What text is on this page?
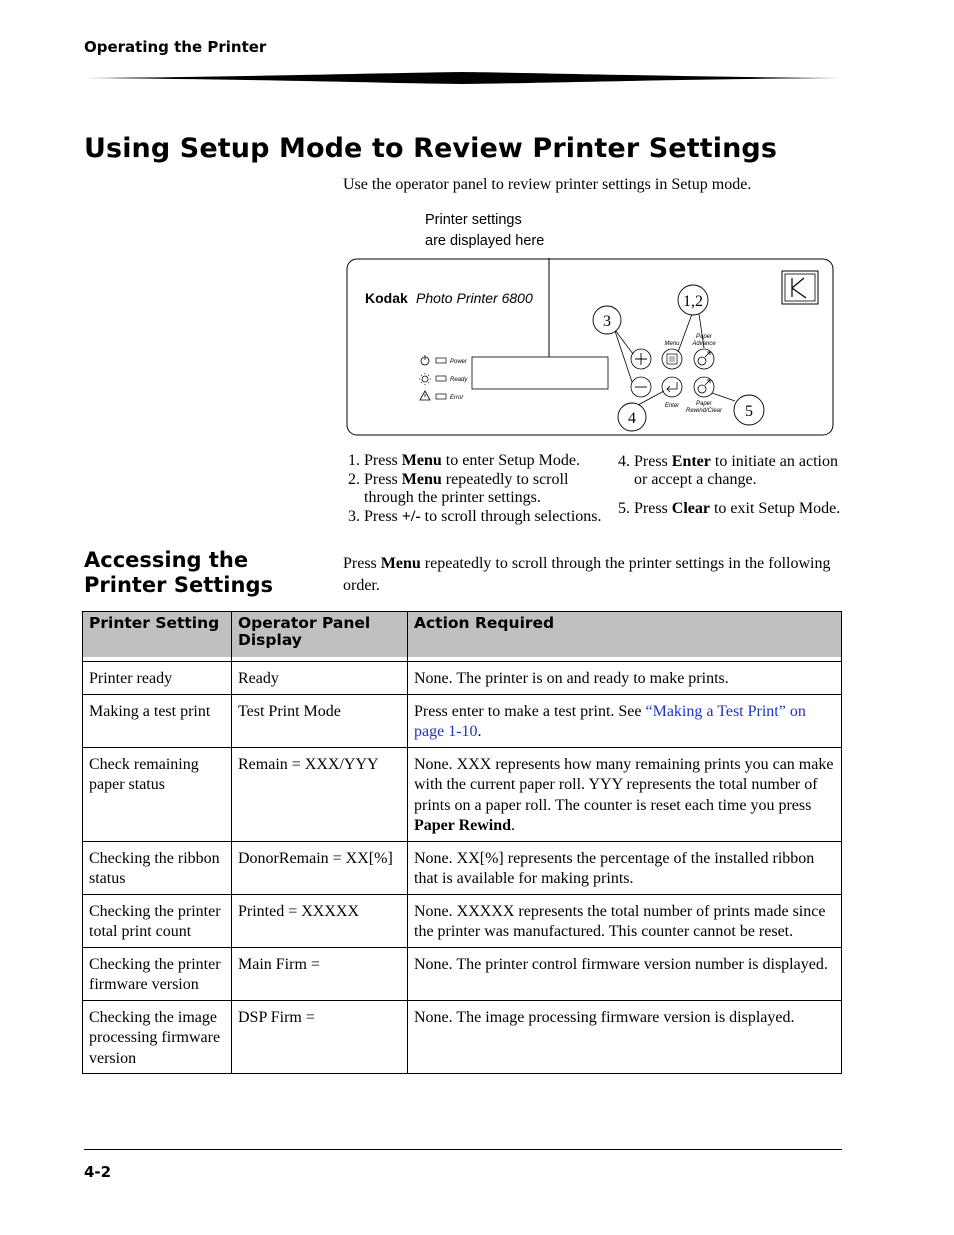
Operating the Printer
Using Setup Mode to Review Printer Settings
Use the operator panel to review printer settings in Setup mode.
Printer settings
are displayed here
Kodak Photo Printer 6800
Power
Ready
Error
Menu
Enter
Paper
Advance
Paper
Rewind/Clear
1,2
3
4	5
1. Press Menu to enter Setup Mode.
2. Press Menu repeatedly to scroll through the printer settings.
3. Press +/- to scroll through selections.
4. Press Enter to initiate an action or accept a change.
5. Press Clear to exit Setup Mode.
Accessing the Printer Settings
Press Menu repeatedly to scroll through the printer settings in the following order.
Printer Setting	Operator Panel Display	Action Required

Printer ready	Ready	None. The printer is on and ready to make prints.
Making a test print	Test Print Mode	Press enter to make a test print. See “Making a Test Print” on page 1-10.
Check remaining paper status	Remain = XXX/YYY	None. XXX represents how many remaining prints you can make with the current paper roll. YYY represents the total number of prints on a paper roll. The counter is reset each time you press Paper Rewind.
Checking the ribbon status	DonorRemain = XX[%]	None. XX[%] represents the percentage of the installed ribbon that is available for making prints.
Checking the printer total print count	Printed = XXXXX	None. XXXXX represents the total number of prints made since the printer was manufactured. This counter cannot be reset.
Checking the printer firmware version	Main Firm =	None. The printer control firmware version number is displayed.
Checking the image processing firmware version	DSP Firm =	None. The image processing firmware version is displayed.
4-2
